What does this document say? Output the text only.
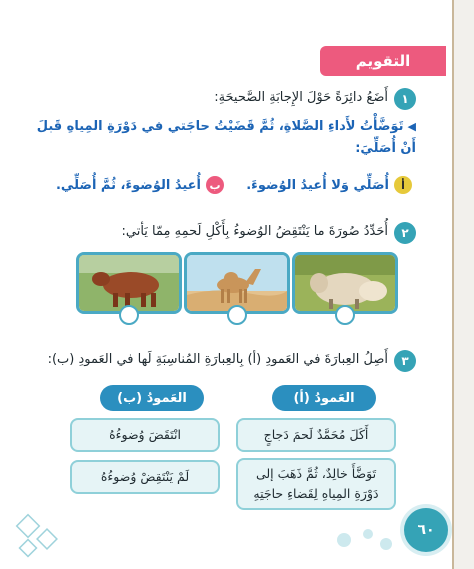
التقويم
١
أَضَعُ دائِرَةً حَوْلَ الإِجابَةِ الصَّحيحَةِ:
◀تَوَضَّأْتُ لأَداءِ الصَّلاةِ، ثُمَّ قَضَيْتُ حاجَتي في دَوْرَةِ المِياهِ قَبلَ أَنْ أُصَلِّيَ:
أ
أُصَلِّي وَلا أُعيدُ الوُضوءَ.
ب
أُعيدُ الوُضوءَ، ثُمَّ أُصَلِّي.
٢
أُحَدِّدُ صُورَةَ ما يَنْتَقِضُ الوُضوءُ بِأَكْلِ لَحمِهِ مِمّا يَأتي:
٣
أَصِلُ العِبارَةَ في العَمودِ (أ) بِالعِبارَةِ المُناسِبَةِ لَها في العَمودِ (ب):
العَمودُ (أ)
العَمودُ (ب)
أَكَلَ مُحَمَّدٌ لَحمَ دَجاجٍ
تَوَضَّأَ خالِدٌ، ثُمَّ ذَهَبَ إلى دَوْرَةِ المِياهِ لِقَضاءِ حاجَتِهِ
انْتَقَضَ وُضوءُهُ
لَمْ يَنْتَقِضْ وُضوءُهُ
٦٠
